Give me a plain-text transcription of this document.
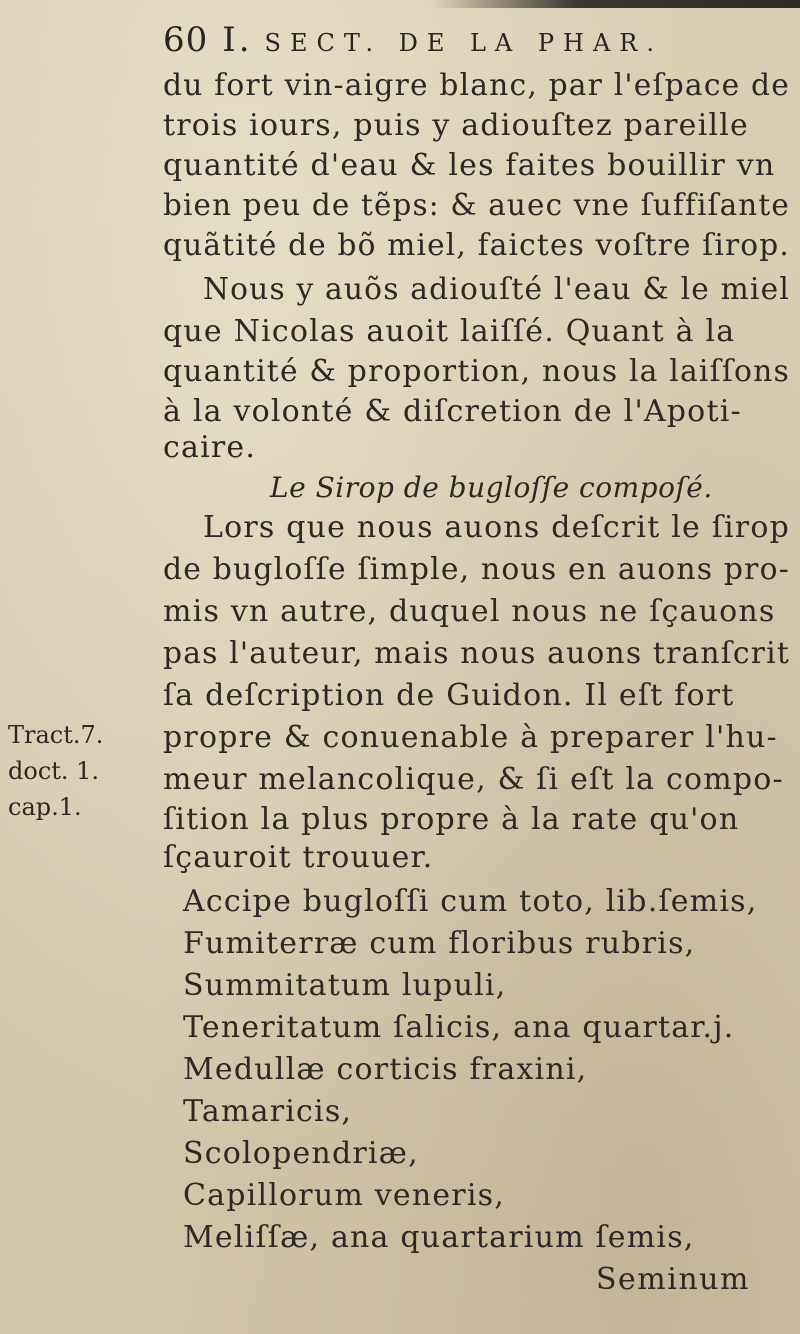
60 I. SECT. DE LA PHAR.
du fort vin-aigre blanc, par l'eſpace de
trois iours, puis y adiouſtez pareille
quantité d'eau & les faites bouillir vn
bien peu de tẽps: & auec vne ſuffiſante
quãtité de bõ miel, faictes voſtre ſirop.
Nous y auõs adiouſté l'eau & le miel
que Nicolas auoit laiſſé. Quant à la
quantité & proportion, nous la laiſſons
à la volonté & diſcretion de l'Apoti-
caire.
Le Sirop de bugloſſe compoſé.
Lors que nous auons deſcrit le ſirop
de bugloſſe ſimple, nous en auons pro-
mis vn autre, duquel nous ne ſçauons
pas l'auteur, mais nous auons tranſcrit
ſa deſcription de Guidon. Il eſt fort
propre & conuenable à preparer l'hu-
meur melancolique, & ſi eſt la compo-
ſition la plus propre à la rate qu'on
ſçauroit trouuer.
Tract.7.
doct. 1.
cap.1.
Accipe bugloſſi cum toto, lib.ſemis,
Fumiterræ cum floribus rubris,
Summitatum lupuli,
Teneritatum ſalicis, ana quartar.j.
Medullæ corticis fraxini,
Tamaricis,
Scolopendriæ,
Capillorum veneris,
Meliſſæ, ana quartarium ſemis,
Seminum
